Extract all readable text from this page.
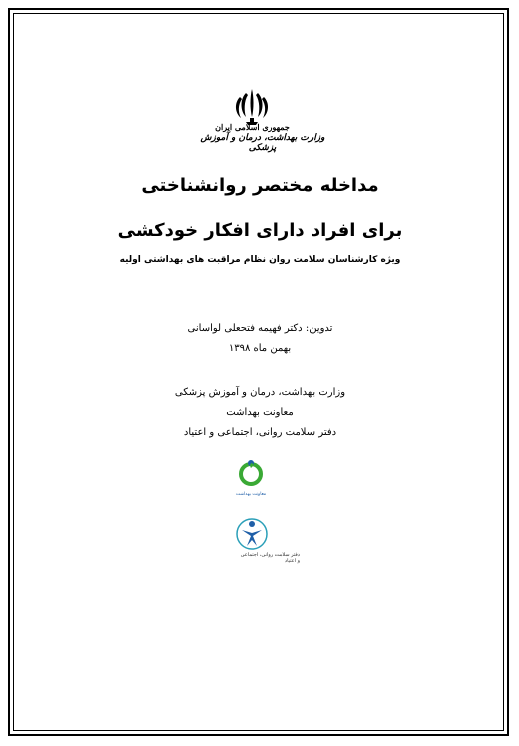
جمهوری اسلامی ایران
وزارت بهداشت، درمان و آموزش پزشکی
مداخله مختصر روانشناختی
برای افراد دارای افکار خودکشی
ویژه کارشناسان سلامت روان نظام مراقبت های بهداشتی اولیه
تدوین: دکتر فهیمه فتحعلی لواسانی
بهمن ماه ۱۳۹۸
وزارت بهداشت، درمان و آموزش پزشکی
معاونت بهداشت
دفتر سلامت روانی، اجتماعی و اعتیاد
معاونت بهداشت
دفتر سلامت روانی، اجتماعی
و اعتیاد
